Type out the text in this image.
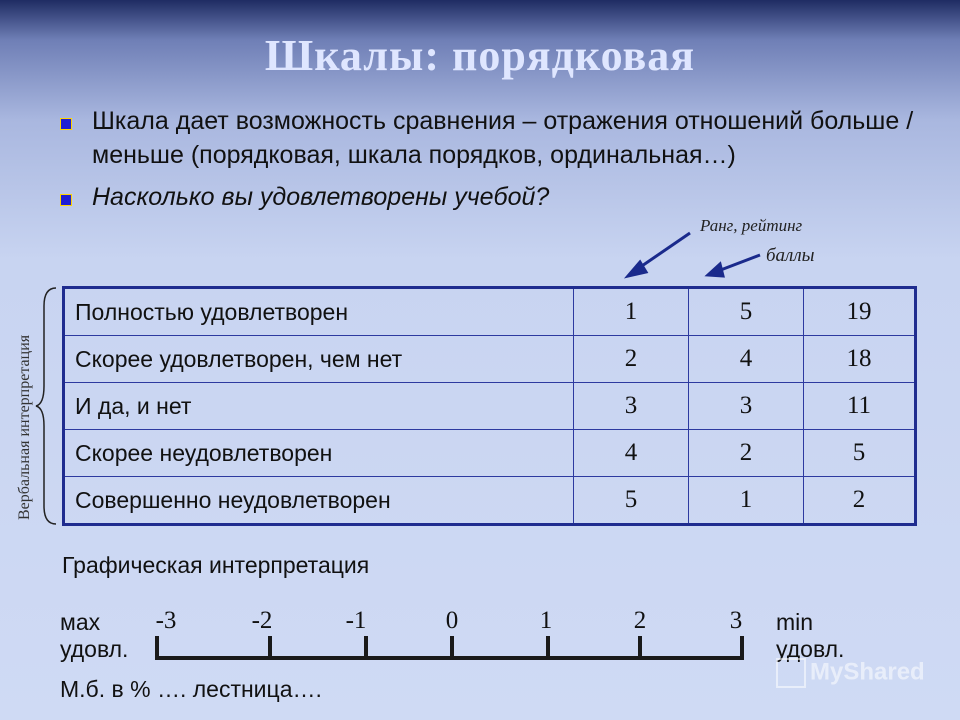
Шкалы: порядковая
Шкала дает возможность сравнения – отражения отношений больше /меньше (порядковая, шкала порядков, ординальная…)
Насколько вы удовлетворены учебой?
Ранг, рейтинг
баллы
Вербальная интерпретация
Полностью удовлетворен	1	5	19
Скорее удовлетворен, чем нет	2	4	18
И да, и нет	3	3	11
Скорее неудовлетворен	4	2	5
Совершенно неудовлетворен	5	1	2
Графическая интерпретация
мах
удовл.
min
удовл.
-3	-2	-1	0	1	2	3
М.б. в % …. лестница….
MyShared
